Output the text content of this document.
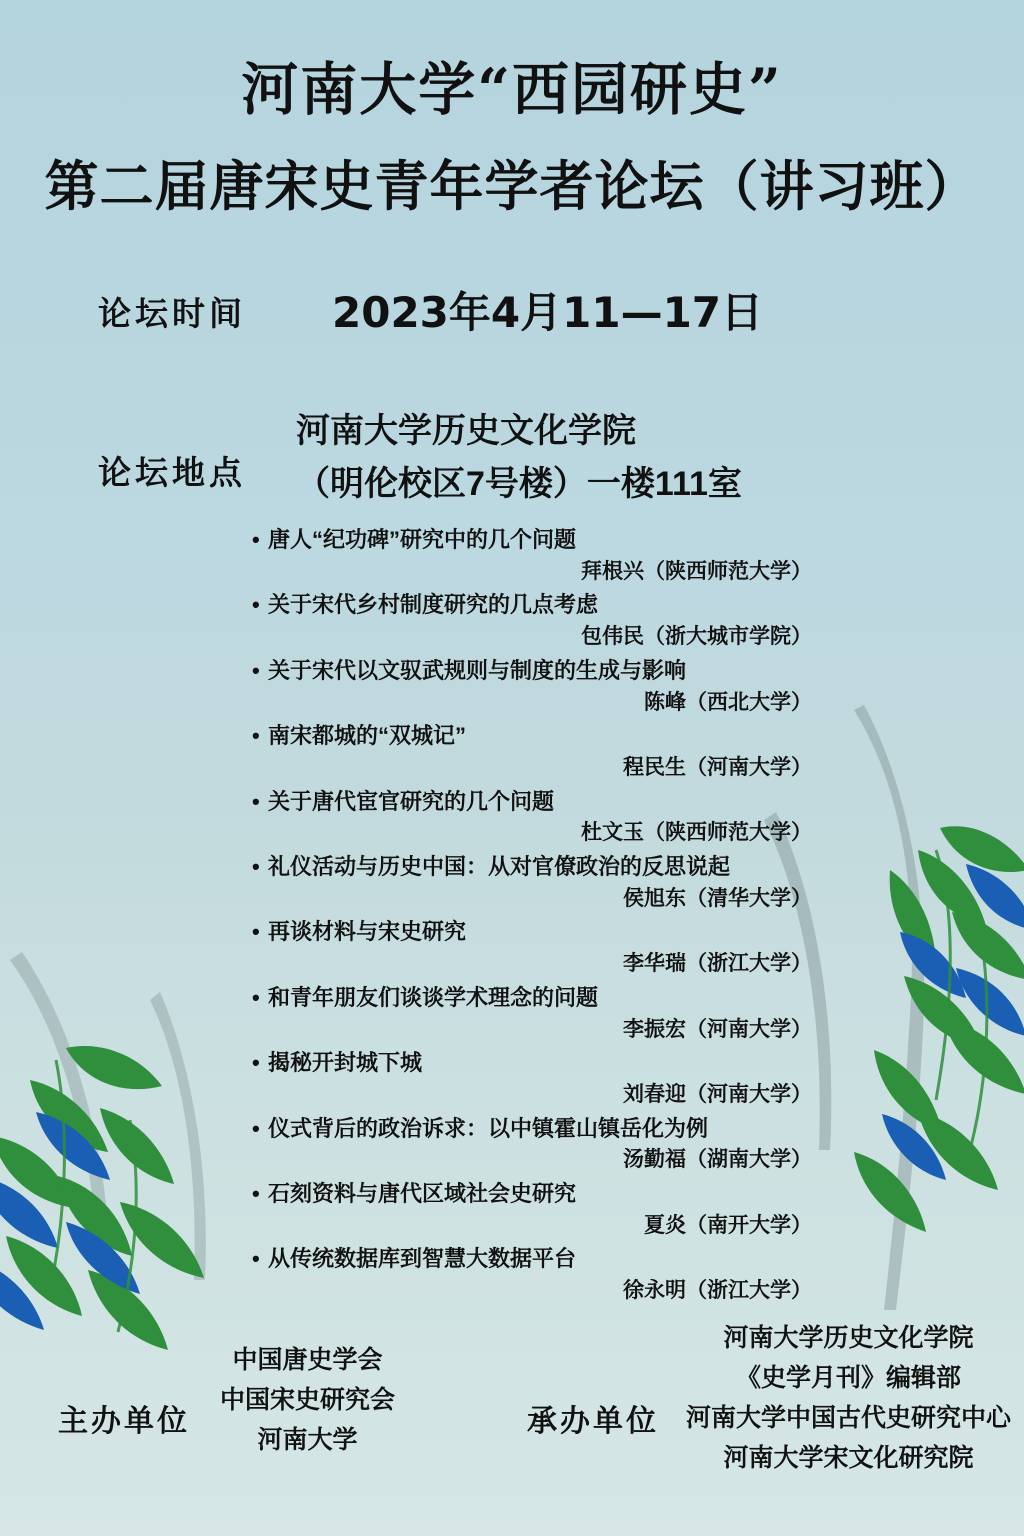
河南大学“西园研史”
第二届唐宋史青年学者论坛（讲习班）
论坛时间 2023年4月11—17日
论坛地点
河南大学历史文化学院
（明伦校区7号楼）一楼111室
• 唐人“纪功碑”研究中的几个问题
拜根兴（陕西师范大学）
• 关于宋代乡村制度研究的几点考虑
包伟民（浙大城市学院）
• 关于宋代以文驭武规则与制度的生成与影响
陈峰（西北大学）
• 南宋都城的“双城记”
程民生（河南大学）
• 关于唐代宦官研究的几个问题
杜文玉（陕西师范大学）
• 礼仪活动与历史中国：从对官僚政治的反思说起
侯旭东（清华大学）
• 再谈材料与宋史研究
李华瑞（浙江大学）
• 和青年朋友们谈谈学术理念的问题
李振宏（河南大学）
• 揭秘开封城下城
刘春迎（河南大学）
• 仪式背后的政治诉求：以中镇霍山镇岳化为例
汤勤福（湖南大学）
• 石刻资料与唐代区域社会史研究
夏炎（南开大学）
• 从传统数据库到智慧大数据平台
徐永明（浙江大学）
主办单位
中国唐史学会
中国宋史研究会
河南大学
承办单位
河南大学历史文化学院
《史学月刊》编辑部
河南大学中国古代史研究中心
河南大学宋文化研究院
